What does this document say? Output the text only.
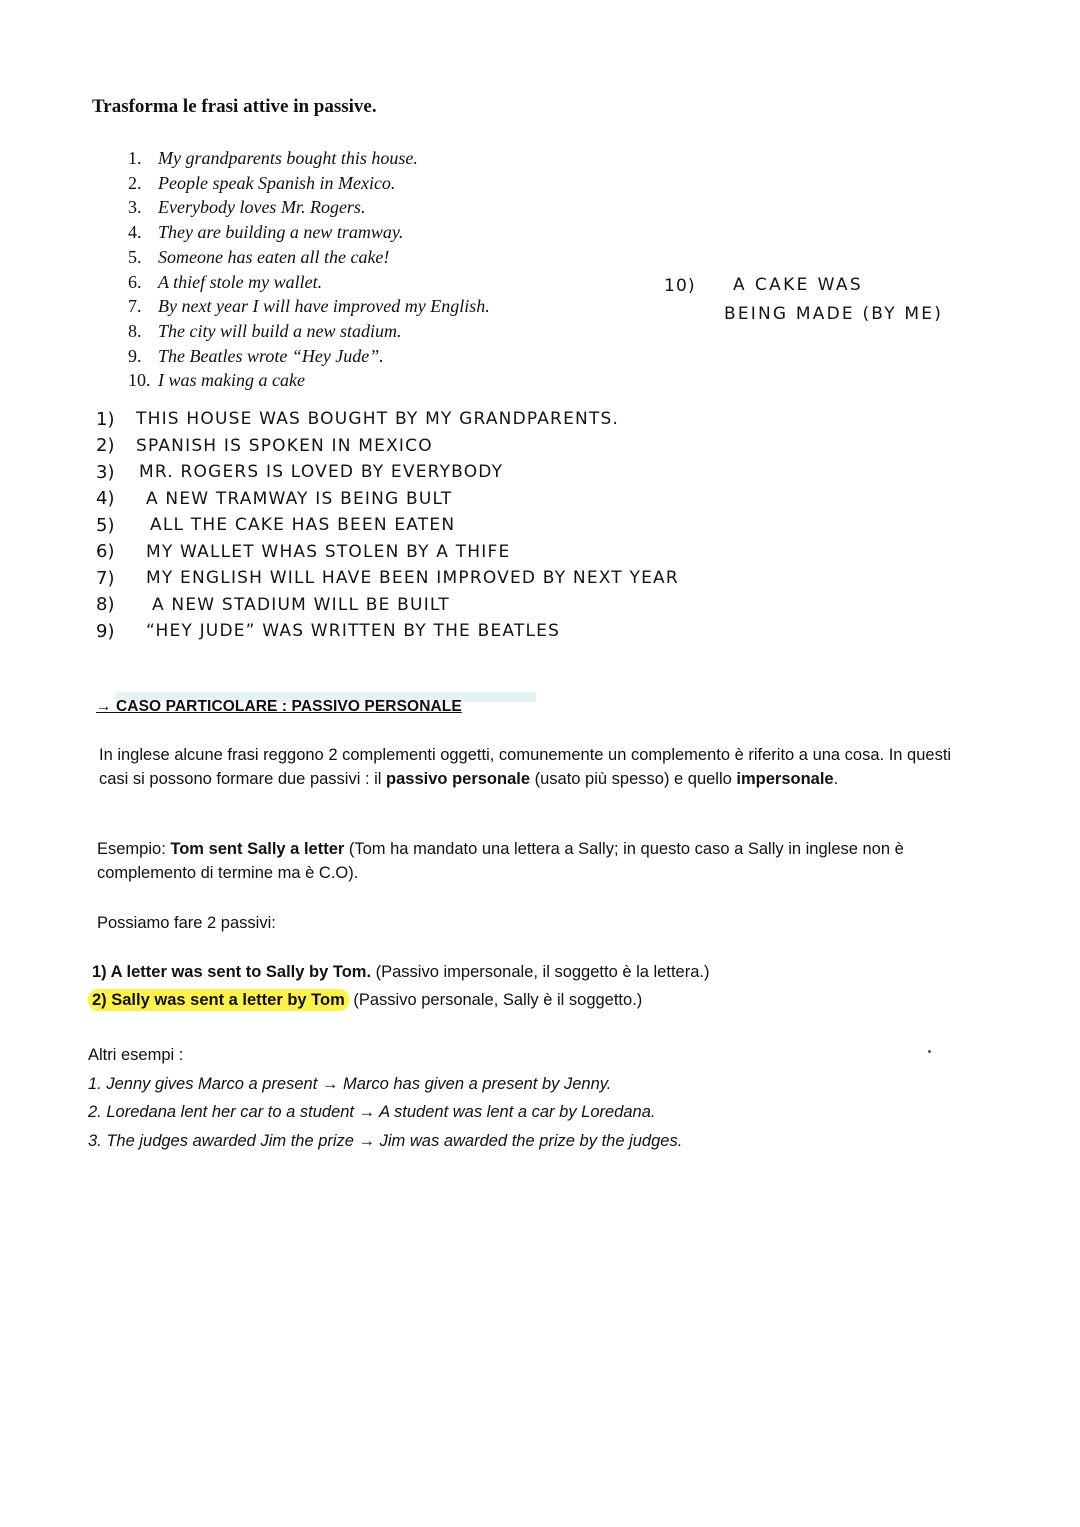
Trasforma le frasi attive in passive.
1. My grandparents bought this house.
2. People speak Spanish in Mexico.
3. Everybody loves Mr. Rogers.
4. They are building a new tramway.
5. Someone has eaten all the cake!
6. A thief stole my wallet.
7. By next year I will have improved my English.
8. The city will build a new stadium.
9. The Beatles wrote “Hey Jude”.
10. I was making a cake
10) A CAKE WAS
BEING MADE (BY ME)
1)	THIS HOUSE WAS BOUGHT BY MY GRANDPARENTS.
2)	SPANISH IS SPOKEN IN MEXICO
3)	MR. ROGERS IS LOVED BY EVERYBODY
4)	A NEW TRAMWAY IS BEING BULT
5)	ALL THE CAKE HAS BEEN EATEN
6)	MY WALLET WHAS STOLEN BY A THIFE
7)	MY ENGLISH WILL HAVE BEEN IMPROVED BY NEXT YEAR
8)	A NEW STADIUM WILL BE BUILT
9)	“HEY JUDE” WAS WRITTEN BY THE BEATLES
→ CASO PARTICOLARE : PASSIVO PERSONALE
In inglese alcune frasi reggono 2 complementi oggetti, comunemente un complemento è riferito a una cosa. In questi casi si possono formare due passivi : il passivo personale (usato più spesso) e quello impersonale.
Esempio: Tom sent Sally a letter (Tom ha mandato una lettera a Sally; in questo caso a Sally in inglese non è complemento di termine ma è C.O).
Possiamo fare 2 passivi:
1) A letter was sent to Sally by Tom. (Passivo impersonale, il soggetto è la lettera.)
2) Sally was sent a letter by Tom (Passivo personale, Sally è il soggetto.)
Altri esempi :
1. Jenny gives Marco a present → Marco has given a present by Jenny.
2. Loredana lent her car to a student → A student was lent a car by Loredana.
3. The judges awarded Jim the prize → Jim was awarded the prize by the judges.
